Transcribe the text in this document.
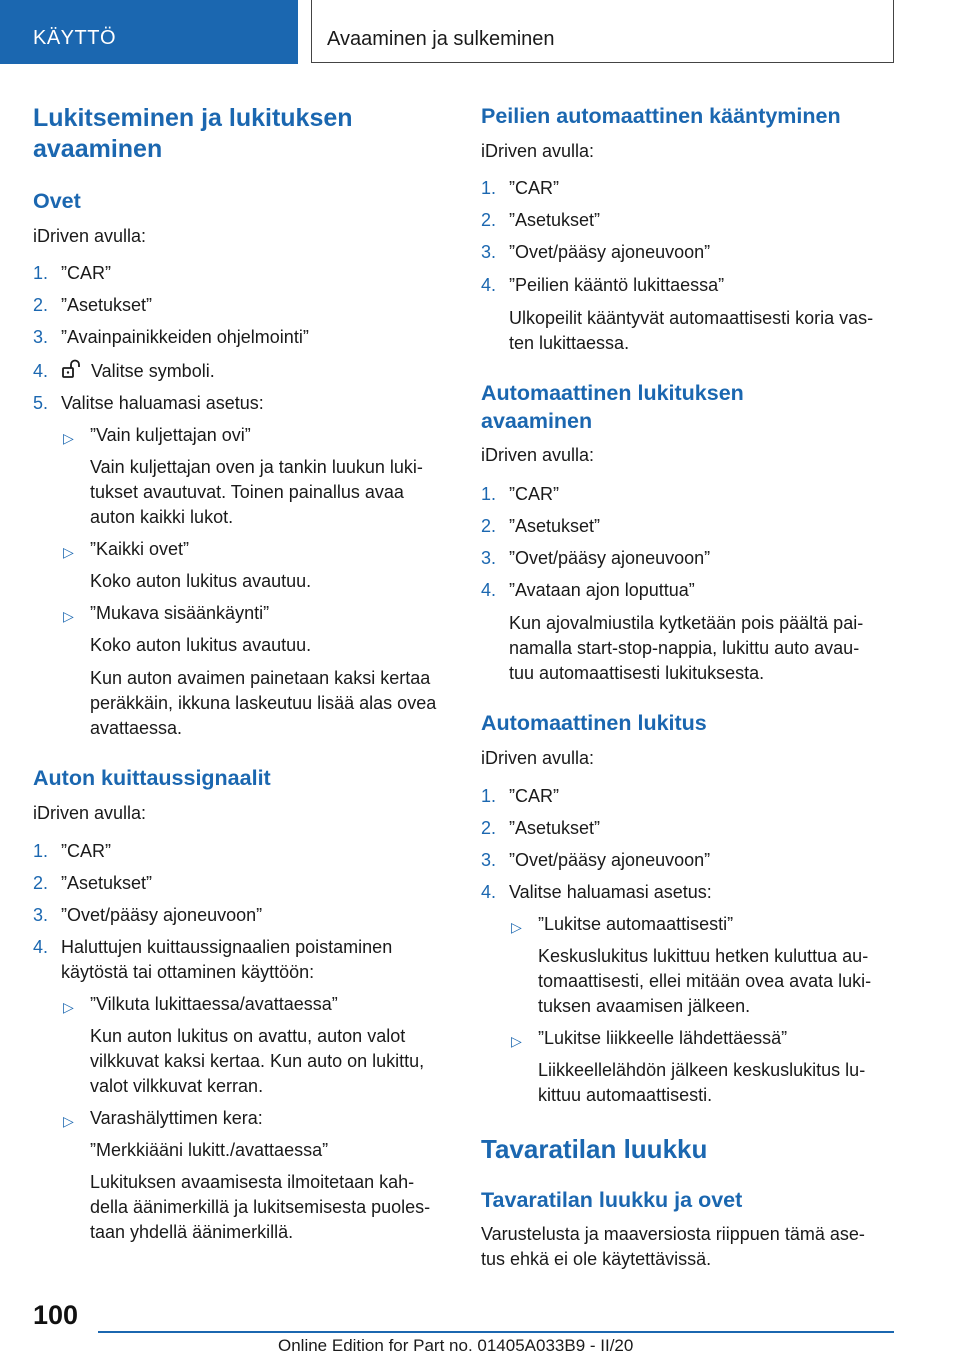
KÄYTTÖ	Avaaminen ja sulkeminen
Lukitseminen ja lukituksen
avaaminen
Ovet
iDriven avulla:
1. ”CAR”
2. ”Asetukset”
3. ”Avainpainikkeiden ohjelmointi”
4. Valitse symboli.
5. Valitse haluamasi asetus:
▷ ”Vain kuljettajan ovi”
Vain kuljettajan oven ja tankin luukun luki-
tukset avautuvat. Toinen painallus avaa
auton kaikki lukot.
▷ ”Kaikki ovet”
Koko auton lukitus avautuu.
▷ ”Mukava sisäänkäynti”
Koko auton lukitus avautuu.
Kun auton avaimen painetaan kaksi kertaa
peräkkäin, ikkuna laskeutuu lisää alas ovea
avattaessa.
Auton kuittaussignaalit
iDriven avulla:
1. ”CAR”
2. ”Asetukset”
3. ”Ovet/pääsy ajoneuvoon”
4. Haluttujen kuittaussignaalien poistaminen
käytöstä tai ottaminen käyttöön:
▷ ”Vilkuta lukittaessa/avattaessa”
Kun auton lukitus on avattu, auton valot
vilkkuvat kaksi kertaa. Kun auto on lukittu,
valot vilkkuvat kerran.
▷ Varashälyttimen kera:
”Merkkiääni lukitt./avattaessa”
Lukituksen avaamisesta ilmoitetaan kah-
della äänimerkillä ja lukitsemisesta puoles-
taan yhdellä äänimerkillä.
Peilien automaattinen kääntyminen
iDriven avulla:
1. ”CAR”
2. ”Asetukset”
3. ”Ovet/pääsy ajoneuvoon”
4. ”Peilien kääntö lukittaessa”
Ulkopeilit kääntyvät automaattisesti koria vas-
ten lukittaessa.
Automaattinen lukituksen
avaaminen
iDriven avulla:
1. ”CAR”
2. ”Asetukset”
3. ”Ovet/pääsy ajoneuvoon”
4. ”Avataan ajon loputtua”
Kun ajovalmiustila kytketään pois päältä pai-
namalla start-stop-nappia, lukittu auto avau-
tuu automaattisesti lukituksesta.
Automaattinen lukitus
iDriven avulla:
1. ”CAR”
2. ”Asetukset”
3. ”Ovet/pääsy ajoneuvoon”
4. Valitse haluamasi asetus:
▷ ”Lukitse automaattisesti”
Keskuslukitus lukittuu hetken kuluttua au-
tomaattisesti, ellei mitään ovea avata luki-
tuksen avaamisen jälkeen.
▷ ”Lukitse liikkeelle lähdettäessä”
Liikkeellelähdön jälkeen keskuslukitus lu-
kittuu automaattisesti.
Tavaratilan luukku
Tavaratilan luukku ja ovet
Varustelusta ja maaversiosta riippuen tämä ase-
tus ehkä ei ole käytettävissä.
100
Online Edition for Part no. 01405A033B9 - II/20
